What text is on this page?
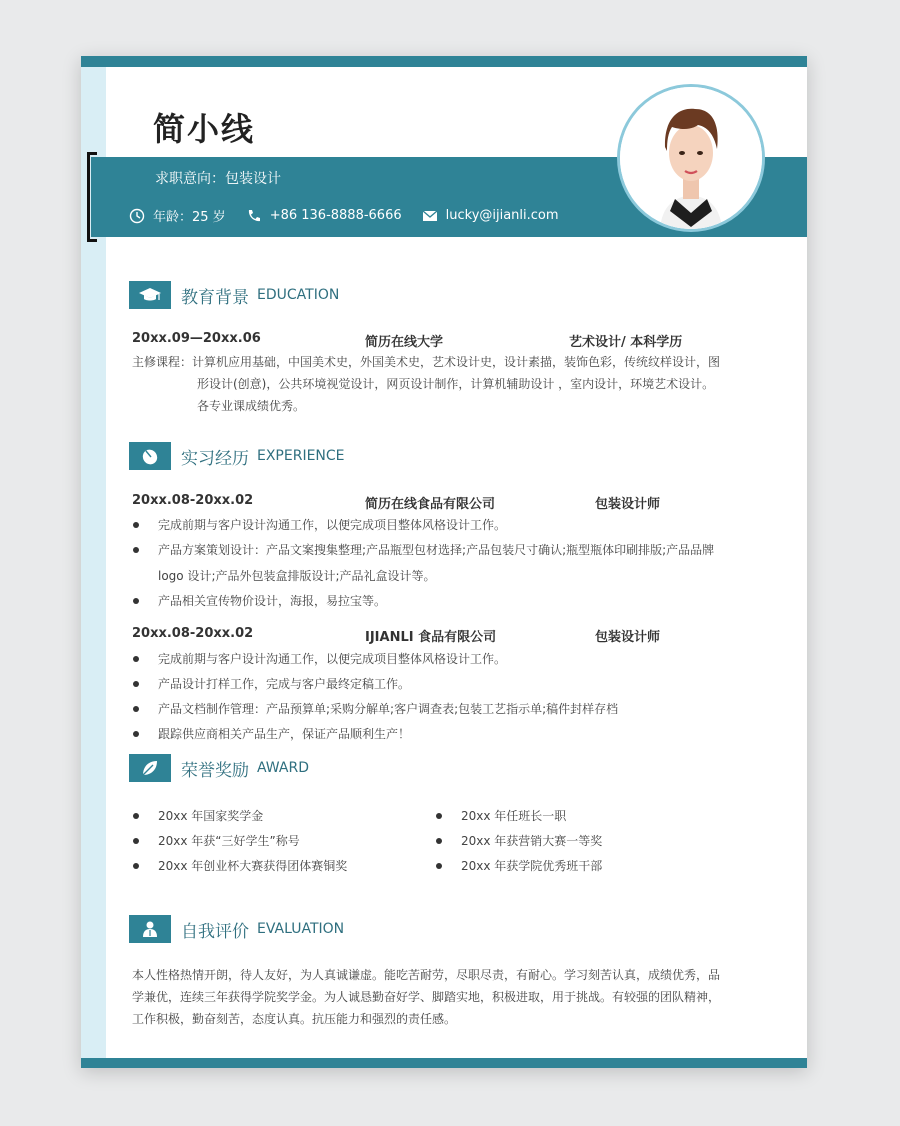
简小线
求职意向：包装设计
年龄：25 岁	+86 136-8888-6666	lucky@ijianli.com
教育背景 EDUCATION
20xx.09—20xx.06	简历在线大学	艺术设计/ 本科学历
主修课程：计算机应用基础，中国美术史，外国美术史，艺术设计史，设计素描，装饰色彩，传统纹样设计，图
形设计(创意)，公共环境视觉设计，网页设计制作，计算机辅助设计 ，室内设计，环境艺术设计。
各专业课成绩优秀。
实习经历 EXPERIENCE
20xx.08-20xx.02	简历在线食品有限公司	包装设计师
完成前期与客户设计沟通工作，以便完成项目整体风格设计工作。
产品方案策划设计：产品文案搜集整理;产品瓶型包材选择;产品包装尺寸确认;瓶型瓶体印刷排版;产品品牌
logo 设计;产品外包装盒排版设计;产品礼盒设计等。
产品相关宣传物价设计，海报，易拉宝等。
20xx.08-20xx.02	IJIANLI 食品有限公司	包装设计师
完成前期与客户设计沟通工作，以便完成项目整体风格设计工作。
产品设计打样工作，完成与客户最终定稿工作。
产品文档制作管理：产品预算单;采购分解单;客户调查表;包装工艺指示单;稿件封样存档
跟踪供应商相关产品生产，保证产品顺利生产！
荣誉奖励 AWARD
20xx 年国家奖学金
20xx 年获“三好学生”称号
20xx 年创业杯大赛获得团体赛铜奖
20xx 年任班长一职
20xx 年获营销大赛一等奖
20xx 年获学院优秀班干部
自我评价 EVALUATION
本人性格热情开朗，待人友好，为人真诚谦虚。能吃苦耐劳，尽职尽责，有耐心。学习刻苦认真，成绩优秀，品
学兼优，连续三年获得学院奖学金。为人诚恳勤奋好学、脚踏实地，积极进取，用于挑战。有较强的团队精神，
工作积极，勤奋刻苦，态度认真。抗压能力和强烈的责任感。
